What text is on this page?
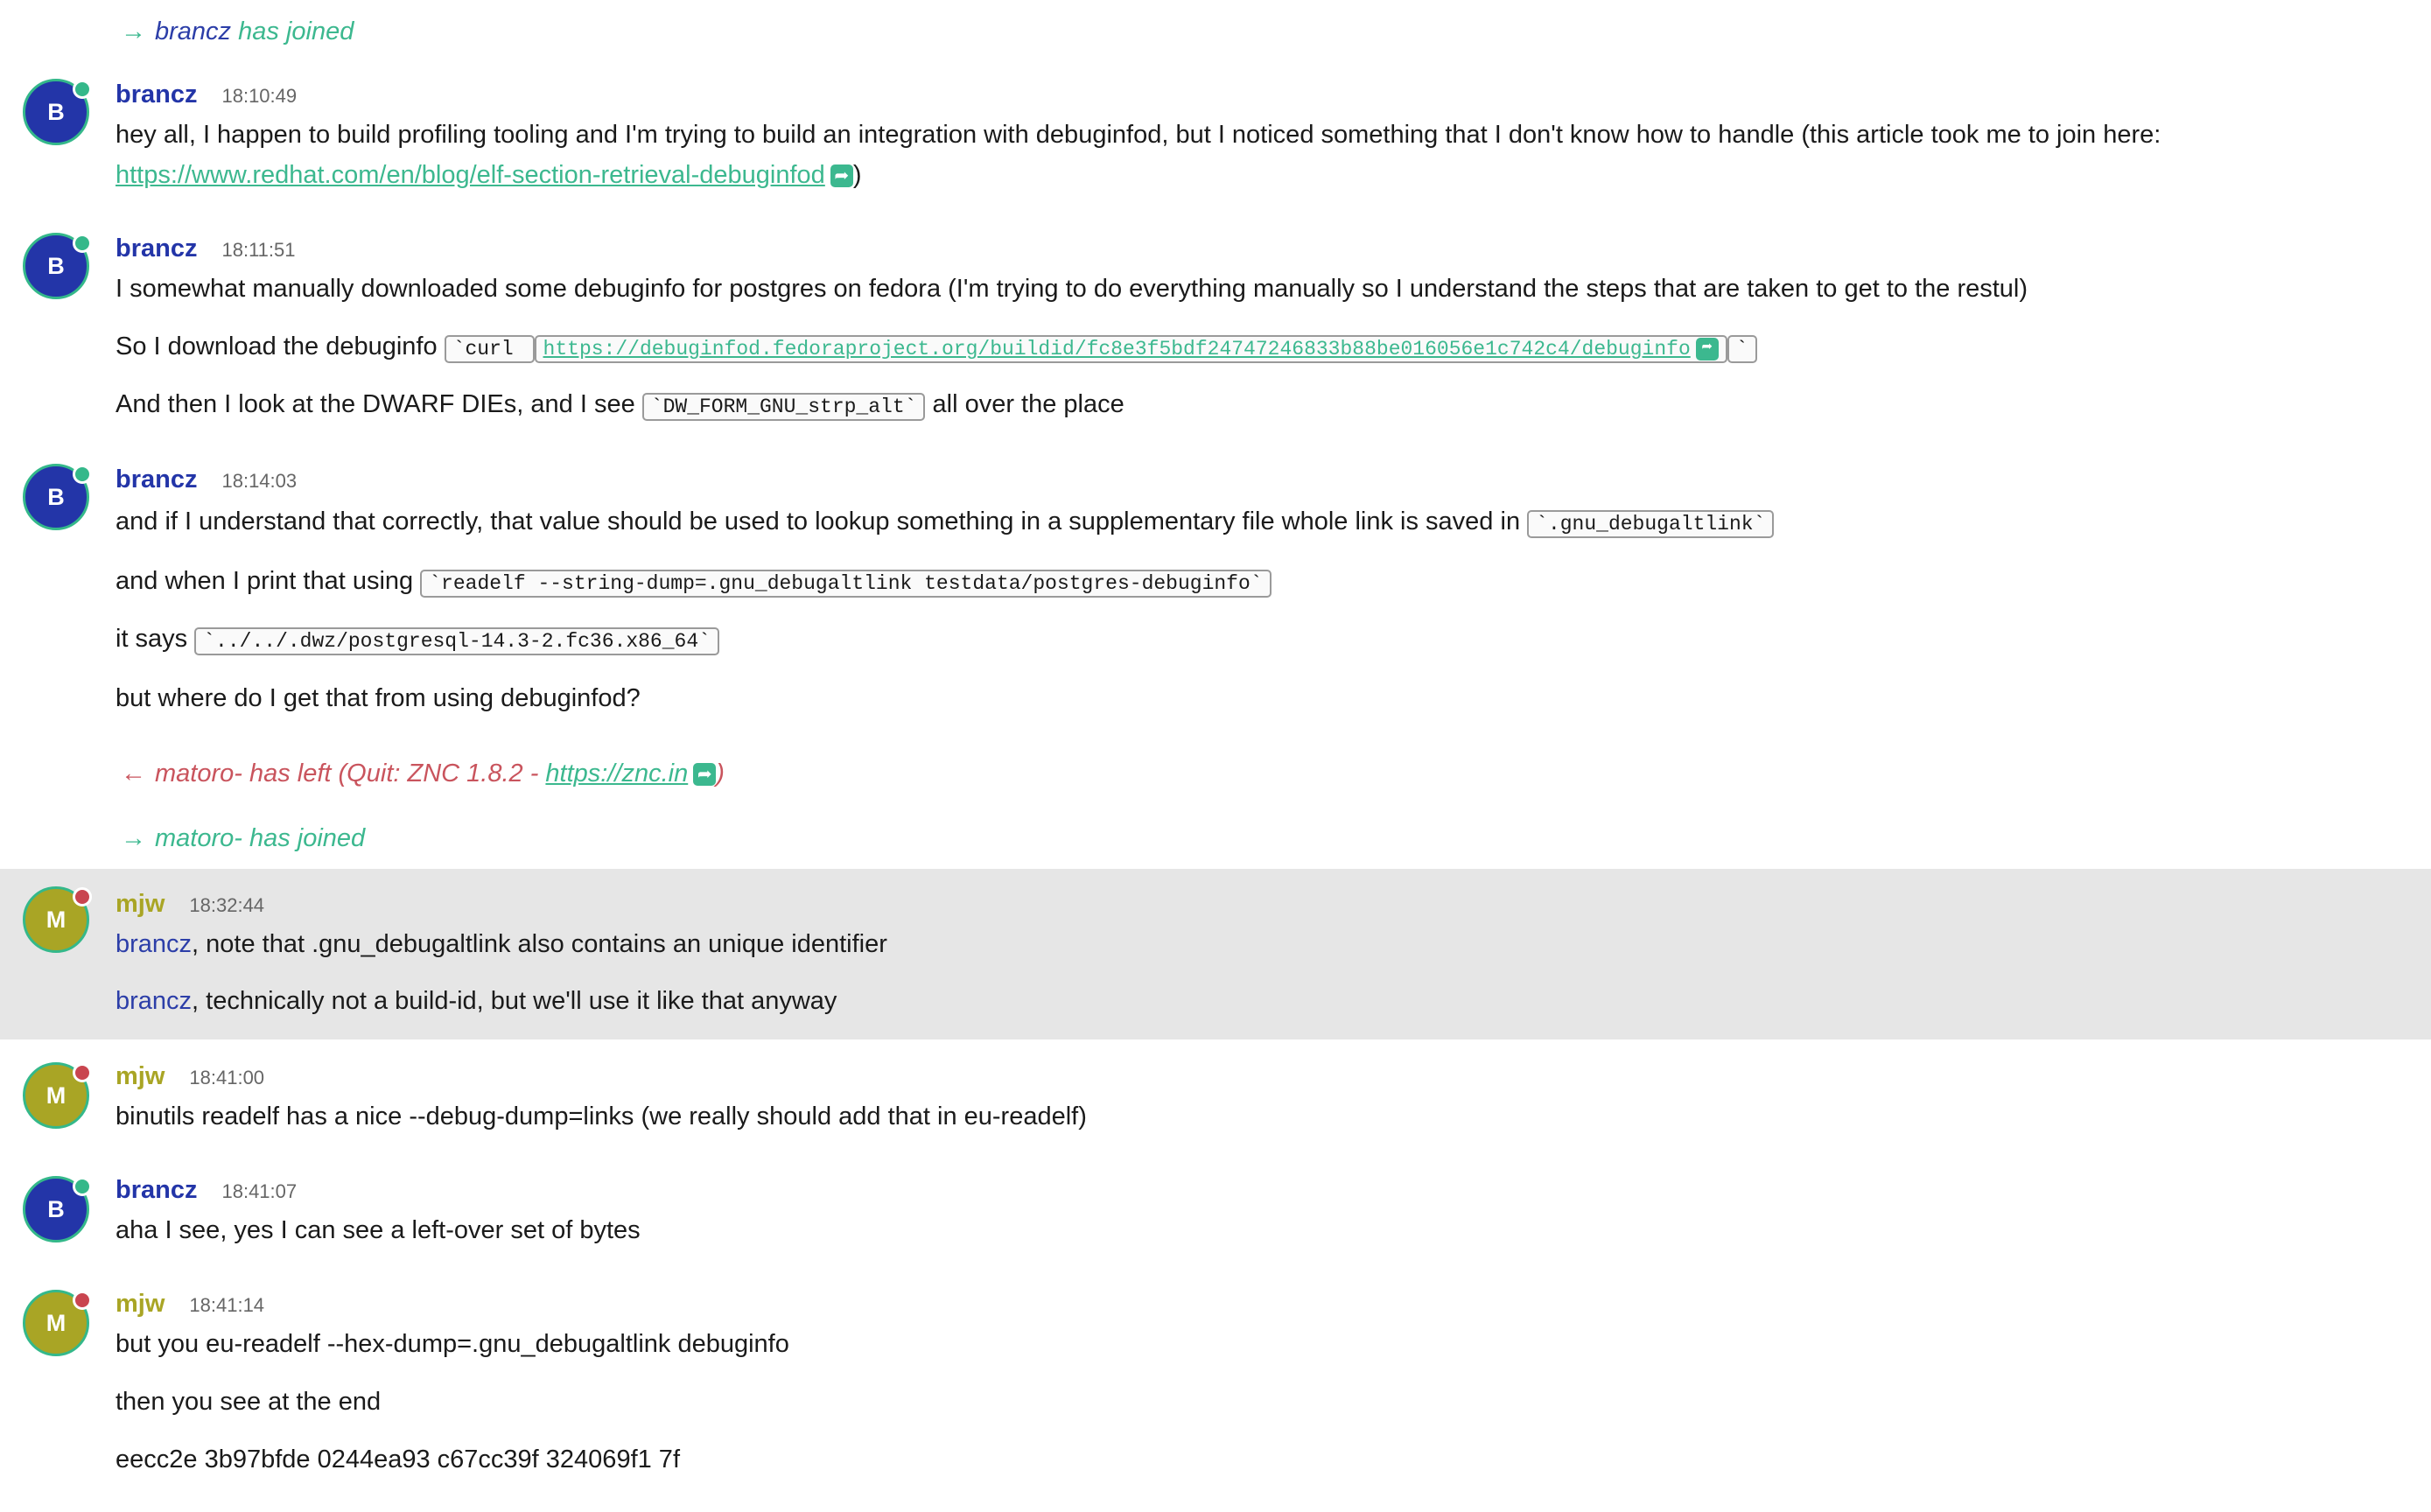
→ brancz has joined
B
brancz 18:10:49
hey all, I happen to build profiling tooling and I'm trying to build an integration with debuginfod, but I noticed something that I don't know how to handle (this article took me to join here:
https://www.redhat.com/en/blog/elf-section-retrieval-debuginfod ➦ )
B
brancz 18:11:51
I somewhat manually downloaded some debuginfo for postgres on fedora (I'm trying to do everything manually so I understand the steps that are taken to get to the restul)
So I download the debuginfo `curl https://debuginfod.fedoraproject.org/buildid/fc8e3f5bdf24747246833b88be016056e1c742c4/debuginfo ➦ `
And then I look at the DWARF DIEs, and I see `DW_FORM_GNU_strp_alt` all over the place
B
brancz 18:14:03
and if I understand that correctly, that value should be used to lookup something in a supplementary file whole link is saved in `.gnu_debugaltlink`
and when I print that using `readelf --string-dump=.gnu_debugaltlink testdata/postgres-debuginfo`
it says `../../.dwz/postgresql-14.3-2.fc36.x86_64`
but where do I get that from using debuginfod?
← matoro- has left (Quit: ZNC 1.8.2 - https://znc.in ➦ )
→ matoro- has joined
M
mjw 18:32:44
brancz, note that .gnu_debugaltlink also contains an unique identifier
brancz, technically not a build-id, but we'll use it like that anyway
M
mjw 18:41:00
binutils readelf has a nice --debug-dump=links (we really should add that in eu-readelf)
B
brancz 18:41:07
aha I see, yes I can see a left-over set of bytes
M
mjw 18:41:14
but you eu-readelf --hex-dump=.gnu_debugaltlink debuginfo
then you see at the end
eecc2e 3b97bfde 0244ea93 c67cc39f 324069f1 7f
